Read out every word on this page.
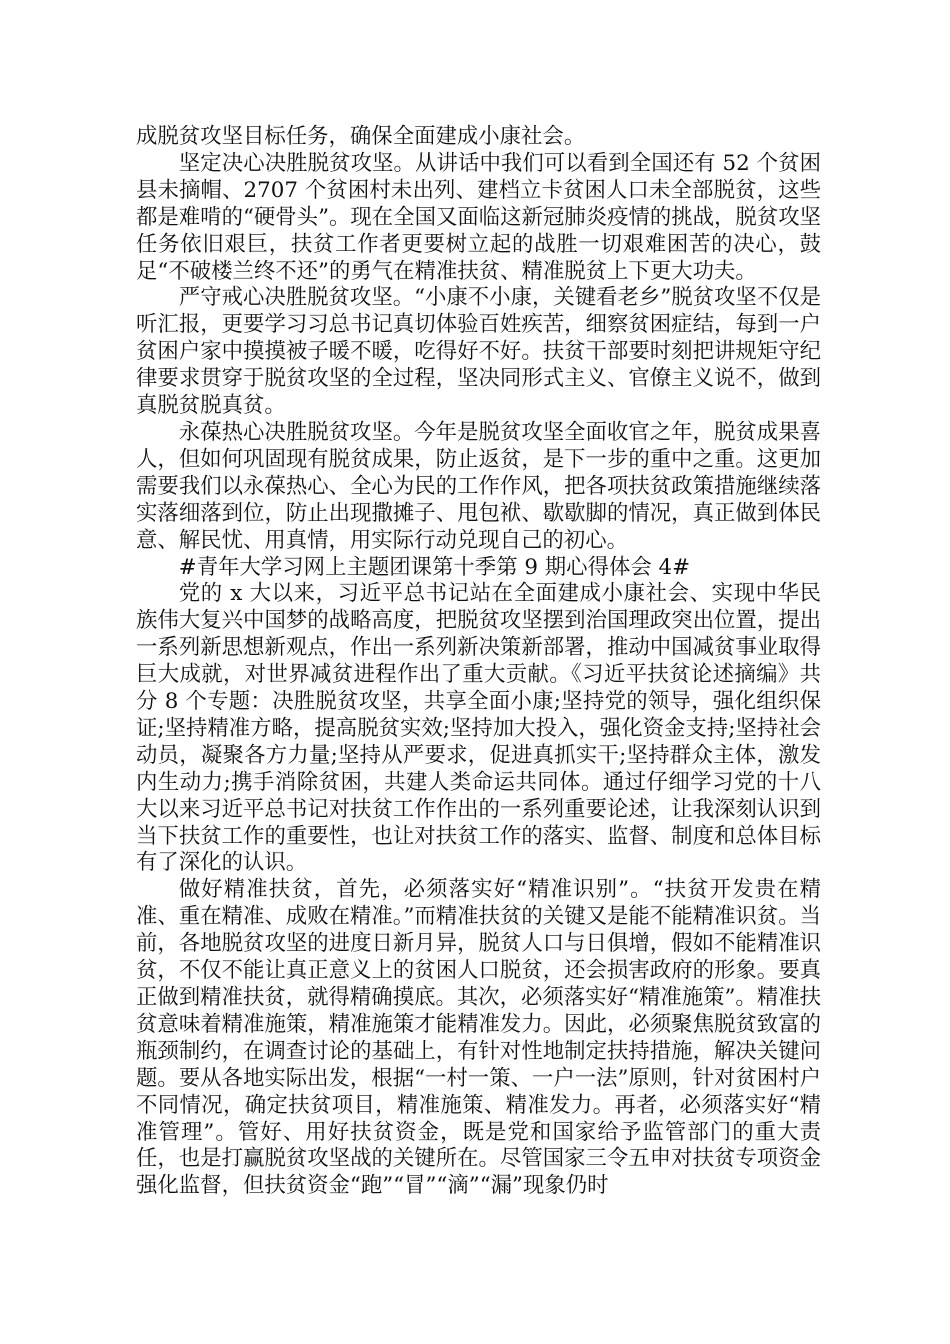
成脱贫攻坚目标任务，确保全面建成小康社会。

坚定决心决胜脱贫攻坚。从讲话中我们可以看到全国还有 52 个贫困县未摘帽、2707 个贫困村未出列、建档立卡贫困人口未全部脱贫，这些都是难啃的“硬骨头”。现在全国又面临这新冠肺炎疫情的挑战，脱贫攻坚任务依旧艰巨，扶贫工作者更要树立起的战胜一切艰难困苦的决心，鼓足“不破楼兰终不还”的勇气在精准扶贫、精准脱贫上下更大功夫。

严守戒心决胜脱贫攻坚。“小康不小康，关键看老乡”脱贫攻坚不仅是听汇报，更要学习习总书记真切体验百姓疾苦，细察贫困症结，每到一户贫困户家中摸摸被子暖不暖，吃得好不好。扶贫干部要时刻把讲规矩守纪律要求贯穿于脱贫攻坚的全过程，坚决同形式主义、官僚主义说不，做到真脱贫脱真贫。

永葆热心决胜脱贫攻坚。今年是脱贫攻坚全面收官之年，脱贫成果喜人，但如何巩固现有脱贫成果，防止返贫，是下一步的重中之重。这更加需要我们以永葆热心、全心为民的工作作风，把各项扶贫政策措施继续落实落细落到位，防止出现撒摊子、甩包袱、歇歇脚的情况，真正做到体民意、解民忧、用真情，用实际行动兑现自己的初心。

#青年大学习网上主题团课第十季第 9 期心得体会 4#

党的 x 大以来，习近平总书记站在全面建成小康社会、实现中华民族伟大复兴中国梦的战略高度，把脱贫攻坚摆到治国理政突出位置，提出一系列新思想新观点，作出一系列新决策新部署，推动中国减贫事业取得巨大成就，对世界减贫进程作出了重大贡献。《习近平扶贫论述摘编》共分 8 个专题：决胜脱贫攻坚，共享全面小康;坚持党的领导，强化组织保证;坚持精准方略，提高脱贫实效;坚持加大投入，强化资金支持;坚持社会动员，凝聚各方力量;坚持从严要求，促进真抓实干;坚持群众主体，激发内生动力;携手消除贫困，共建人类命运共同体。通过仔细学习党的十八大以来习近平总书记对扶贫工作作出的一系列重要论述，让我深刻认识到当下扶贫工作的重要性，也让对扶贫工作的落实、监督、制度和总体目标有了深化的认识。

做好精准扶贫，首先，必须落实好“精准识别”。“扶贫开发贵在精准、重在精准、成败在精准。”而精准扶贫的关键又是能不能精准识贫。当前，各地脱贫攻坚的进度日新月异，脱贫人口与日俱增，假如不能精准识贫，不仅不能让真正意义上的贫困人口脱贫，还会损害政府的形象。要真正做到精准扶贫，就得精确摸底。其次，必须落实好“精准施策”。精准扶贫意味着精准施策，精准施策才能精准发力。因此，必须聚焦脱贫致富的瓶颈制约，在调查讨论的基础上，有针对性地制定扶持措施，解决关键问题。要从各地实际出发，根据“一村一策、一户一法”原则，针对贫困村户不同情况，确定扶贫项目，精准施策、精准发力。再者，必须落实好“精准管理”。管好、用好扶贫资金，既是党和国家给予监管部门的重大责任，也是打赢脱贫攻坚战的关键所在。尽管国家三令五申对扶贫专项资金强化监督，但扶贫资金“跑”“冒”“滴”“漏”现象仍时
